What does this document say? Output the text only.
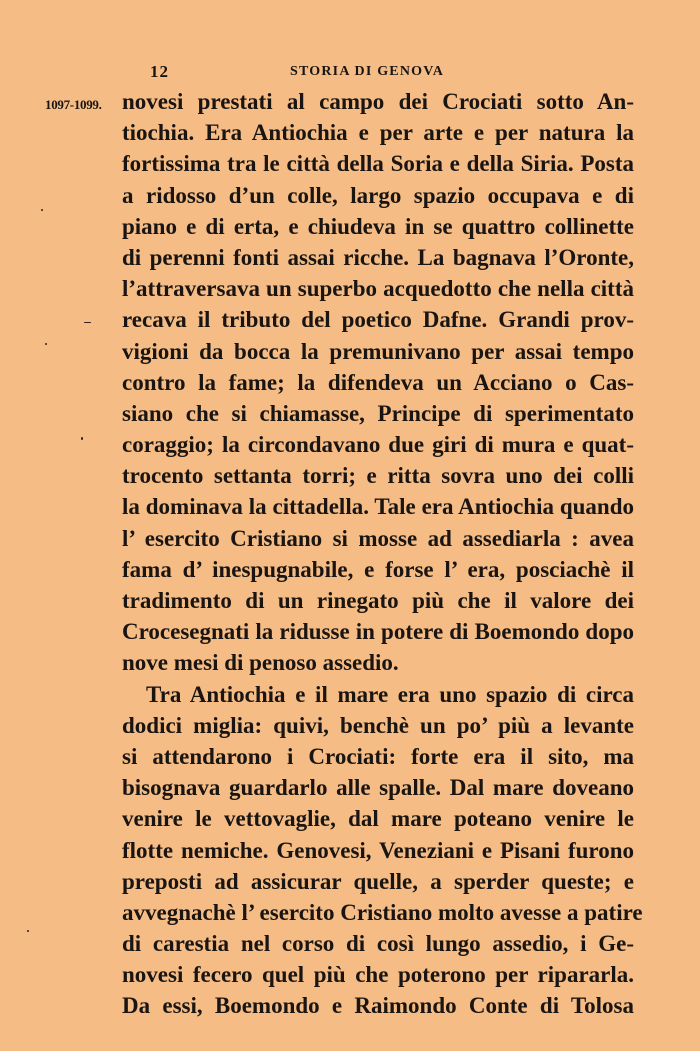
12	STORIA DI GENOVA
1097-1099. novesi prestati al campo dei Crociati sotto An-
tiochia. Era Antiochia e per arte e per natura la
fortissima tra le città della Soria e della Siria. Posta
a ridosso d’un colle, largo spazio occupava e di
piano e di erta, e chiudeva in se quattro collinette
di perenni fonti assai ricche. La bagnava l’Oronte,
l’attraversava un superbo acquedotto che nella città
recava il tributo del poetico Dafne. Grandi prov-
vigioni da bocca la premunivano per assai tempo
contro la fame; la difendeva un Acciano o Cas-
siano che si chiamasse, Principe di sperimentato
coraggio; la circondavano due giri di mura e quat-
trocento settanta torri; e ritta sovra uno dei colli
la dominava la cittadella. Tale era Antiochia quando
l’ esercito Cristiano si mosse ad assediarla : avea
fama d’ inespugnabile, e forse l’ era, posciachè il
tradimento di un rinegato più che il valore dei
Crocesegnati la ridusse in potere di Boemondo dopo
nove mesi di penoso assedio.
Tra Antiochia e il mare era uno spazio di circa
dodici miglia: quivi, benchè un po’ più a levante
si attendarono i Crociati: forte era il sito, ma
bisognava guardarlo alle spalle. Dal mare doveano
venire le vettovaglie, dal mare poteano venire le
flotte nemiche. Genovesi, Veneziani e Pisani furono
preposti ad assicurar quelle, a sperder queste; e
avvegnachè l’ esercito Cristiano molto avesse a patire
di carestia nel corso di così lungo assedio, i Ge-
novesi fecero quel più che poterono per ripararla.
Da essi, Boemondo e Raimondo Conte di Tolosa
